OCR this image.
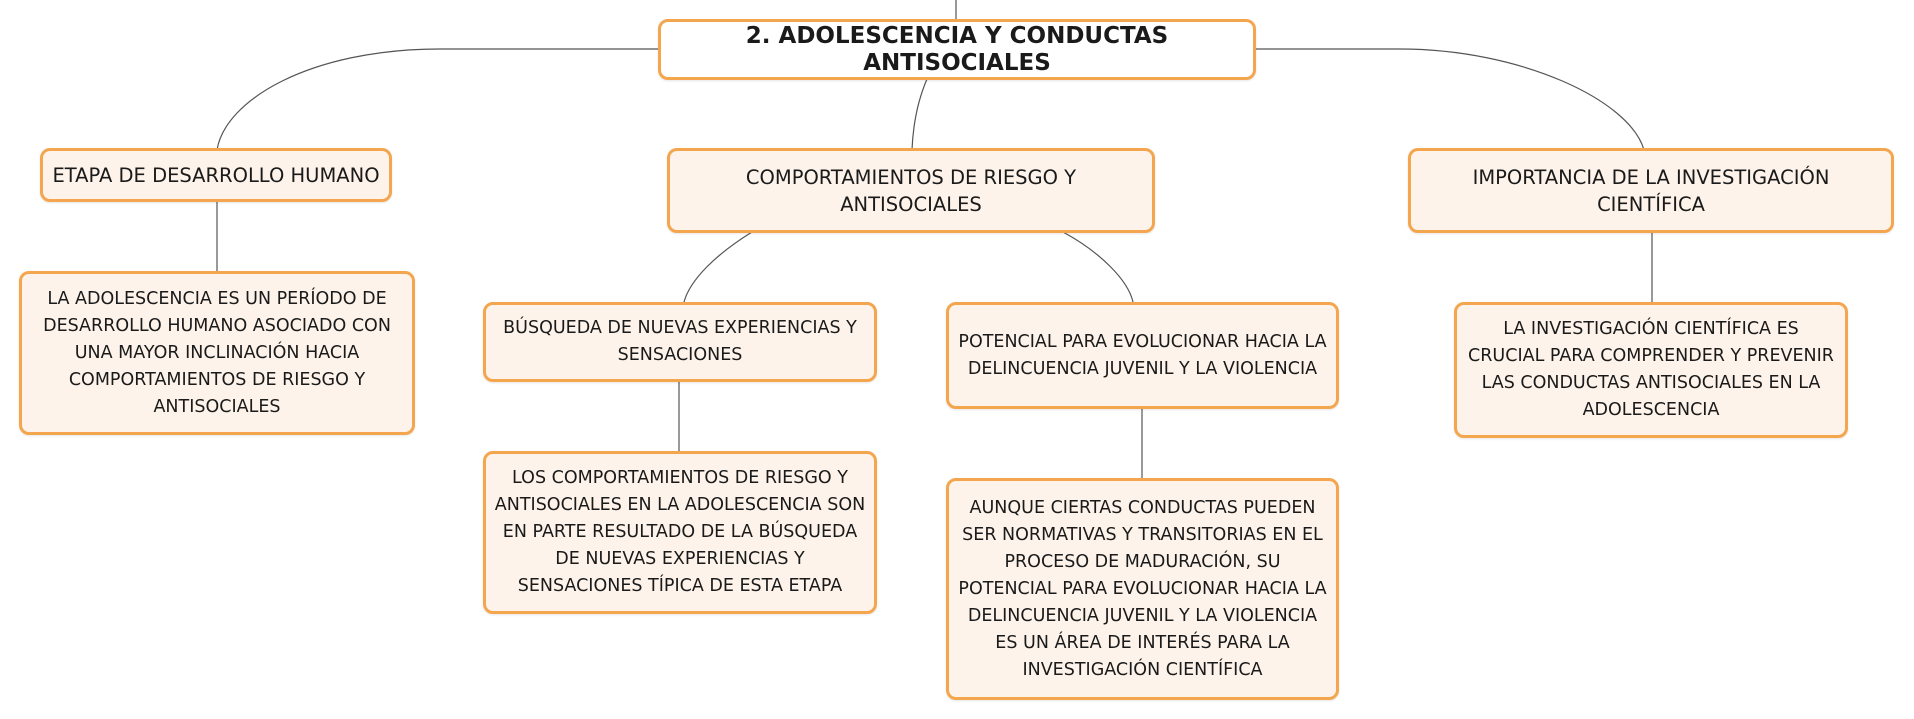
2. ADOLESCENCIA Y CONDUCTAS ANTISOCIALES
ETAPA DE DESARROLLO HUMANO
LA ADOLESCENCIA ES UN PERÍODO DE DESARROLLO HUMANO ASOCIADO CON UNA MAYOR INCLINACIÓN HACIA COMPORTAMIENTOS DE RIESGO Y ANTISOCIALES
COMPORTAMIENTOS DE RIESGO Y ANTISOCIALES
BÚSQUEDA DE NUEVAS EXPERIENCIAS Y SENSACIONES
LOS COMPORTAMIENTOS DE RIESGO Y ANTISOCIALES EN LA ADOLESCENCIA SON EN PARTE RESULTADO DE LA BÚSQUEDA DE NUEVAS EXPERIENCIAS Y SENSACIONES TÍPICA DE ESTA ETAPA
POTENCIAL PARA EVOLUCIONAR HACIA LA DELINCUENCIA JUVENIL Y LA VIOLENCIA
AUNQUE CIERTAS CONDUCTAS PUEDEN SER NORMATIVAS Y TRANSITORIAS EN EL PROCESO DE MADURACIÓN, SU POTENCIAL PARA EVOLUCIONAR HACIA LA DELINCUENCIA JUVENIL Y LA VIOLENCIA ES UN ÁREA DE INTERÉS PARA LA INVESTIGACIÓN CIENTÍFICA
IMPORTANCIA DE LA INVESTIGACIÓN CIENTÍFICA
LA INVESTIGACIÓN CIENTÍFICA ES CRUCIAL PARA COMPRENDER Y PREVENIR LAS CONDUCTAS ANTISOCIALES EN LA ADOLESCENCIA
